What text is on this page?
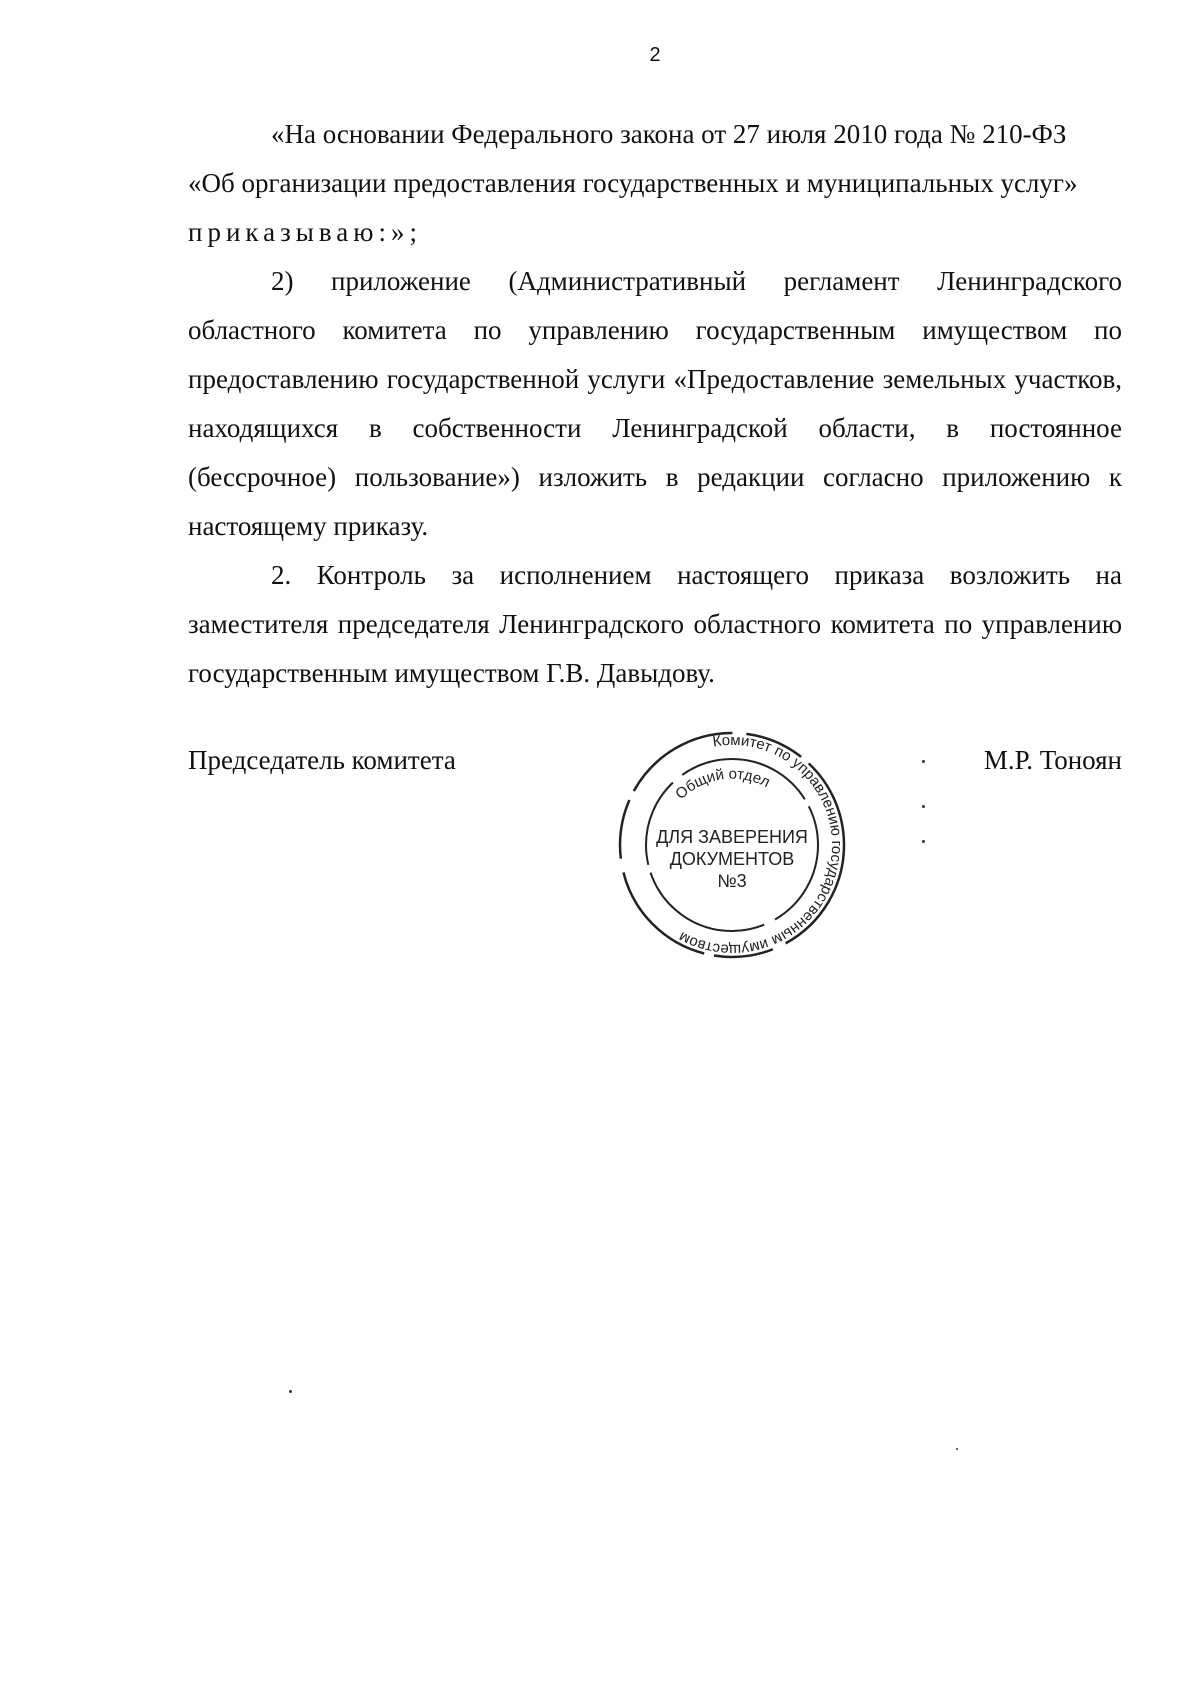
2

«На основании Федерального закона от 27 июля 2010 года № 210-ФЗ

«Об организации предоставления государственных и муниципальных услуг»

приказываю:»;

2) приложение (Административный регламент Ленинградского областного комитета по управлению государственным имуществом по предоставлению государственной услуги «Предоставление земельных участков, находящихся в собственности Ленинградской области, в постоянное (бессрочное) пользование») изложить в редакции согласно приложению к настоящему приказу.

2. Контроль за исполнением настоящего приказа возложить на заместителя председателя Ленинградского областного комитета по управлению государственным имуществом Г.В. Давыдову.

Председатель комитета	М.Р. Тоноян
Комитет по управлению государственным имуществом
Общий отдел
ДЛЯ ЗАВЕРЕНИЯ
ДОКУМЕНТОВ
№3
